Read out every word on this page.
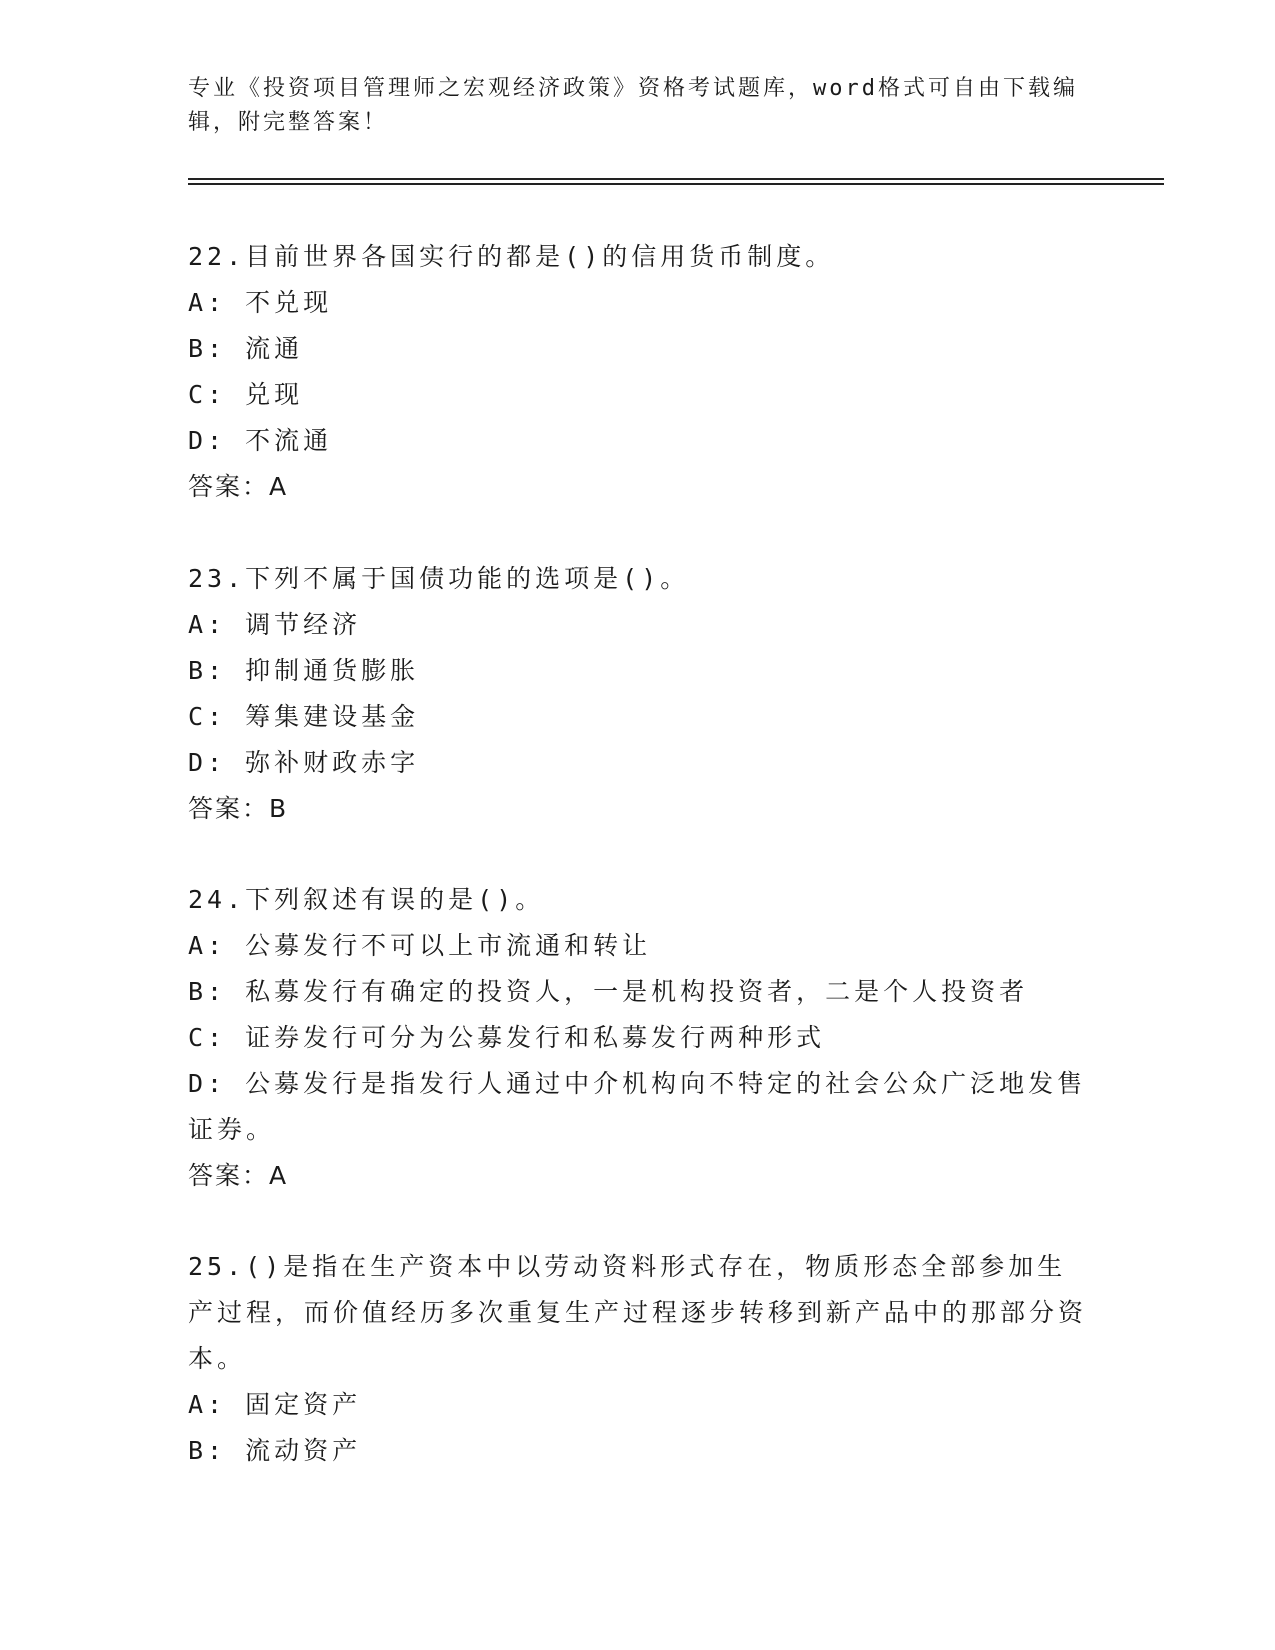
专业《投资项目管理师之宏观经济政策》资格考试题库，word格式可自由下载编辑，附完整答案！

22.目前世界各国实行的都是()的信用货币制度。

A: 不兑现

B: 流通

C: 兑现

D: 不流通

答案：A

23.下列不属于国债功能的选项是()。

A: 调节经济

B: 抑制通货膨胀

C: 筹集建设基金

D: 弥补财政赤字

答案：B

24.下列叙述有误的是()。

A: 公募发行不可以上市流通和转让

B: 私募发行有确定的投资人，一是机构投资者，二是个人投资者

C: 证券发行可分为公募发行和私募发行两种形式

D: 公募发行是指发行人通过中介机构向不特定的社会公众广泛地发售证券。

答案：A

25.()是指在生产资本中以劳动资料形式存在，物质形态全部参加生产过程，而价值经历多次重复生产过程逐步转移到新产品中的那部分资本。

A: 固定资产

B: 流动资产
